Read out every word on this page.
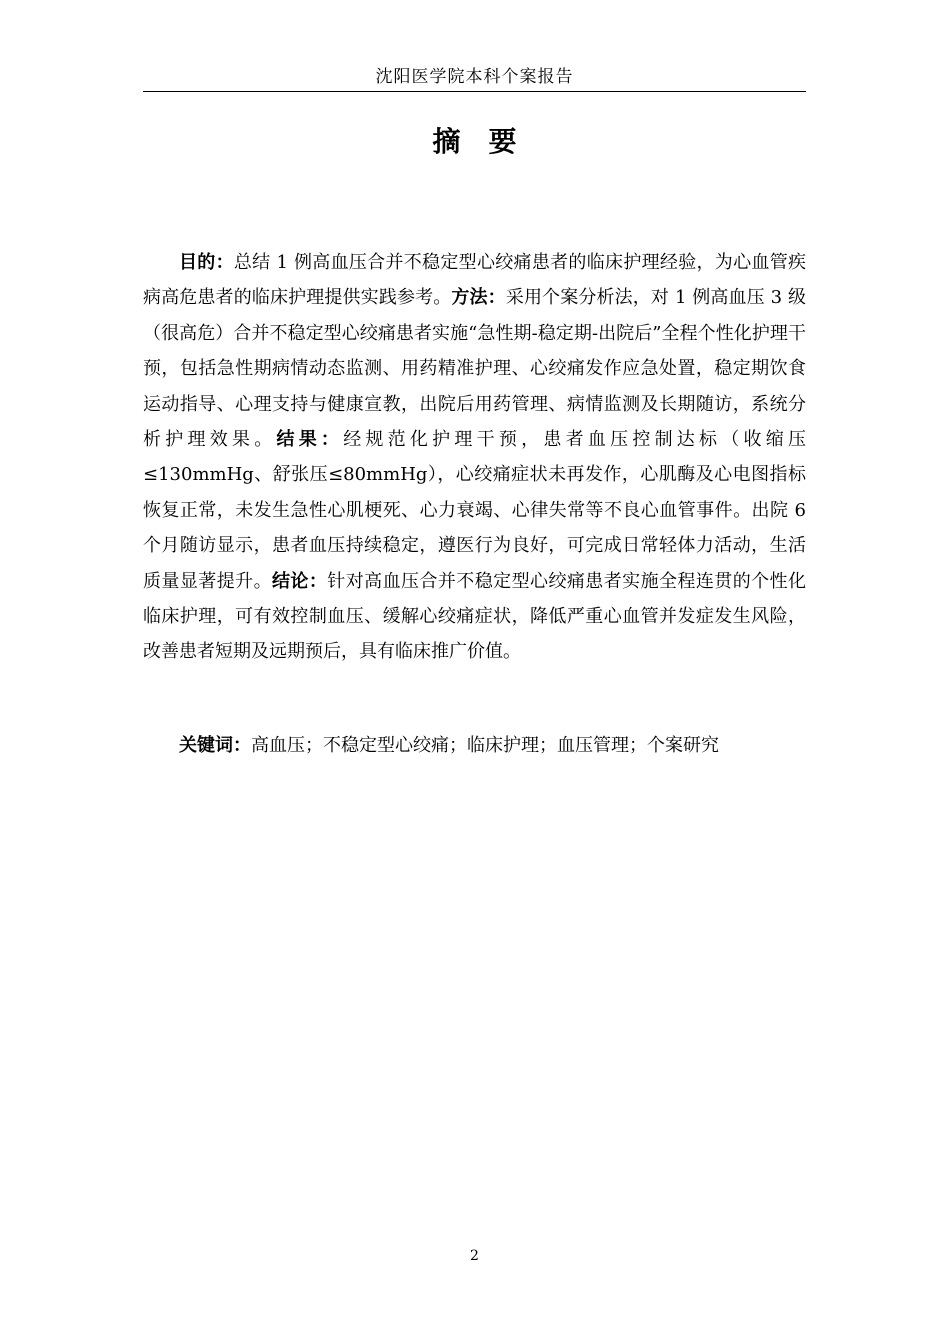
沈阳医学院本科个案报告
摘 要

目的：总结 1 例高血压合并不稳定型心绞痛患者的临床护理经验，为心血管疾病高危患者的临床护理提供实践参考。方法：采用个案分析法，对 1 例高血压 3 级（很高危）合并不稳定型心绞痛患者实施“急性期-稳定期-出院后”全程个性化护理干预，包括急性期病情动态监测、用药精准护理、心绞痛发作应急处置，稳定期饮食运动指导、心理支持与健康宣教，出院后用药管理、病情监测及长期随访，系统分析护理效果。结果：经规范化护理干预，患者血压控制达标（收缩压≤130mmHg、舒张压≤80mmHg），心绞痛症状未再发作，心肌酶及心电图指标恢复正常，未发生急性心肌梗死、心力衰竭、心律失常等不良心血管事件。出院 6 个月随访显示，患者血压持续稳定，遵医行为良好，可完成日常轻体力活动，生活质量显著提升。结论：针对高血压合并不稳定型心绞痛患者实施全程连贯的个性化临床护理，可有效控制血压、缓解心绞痛症状，降低严重心血管并发症发生风险，改善患者短期及远期预后，具有临床推广价值。

关键词：高血压；不稳定型心绞痛；临床护理；血压管理；个案研究

2
